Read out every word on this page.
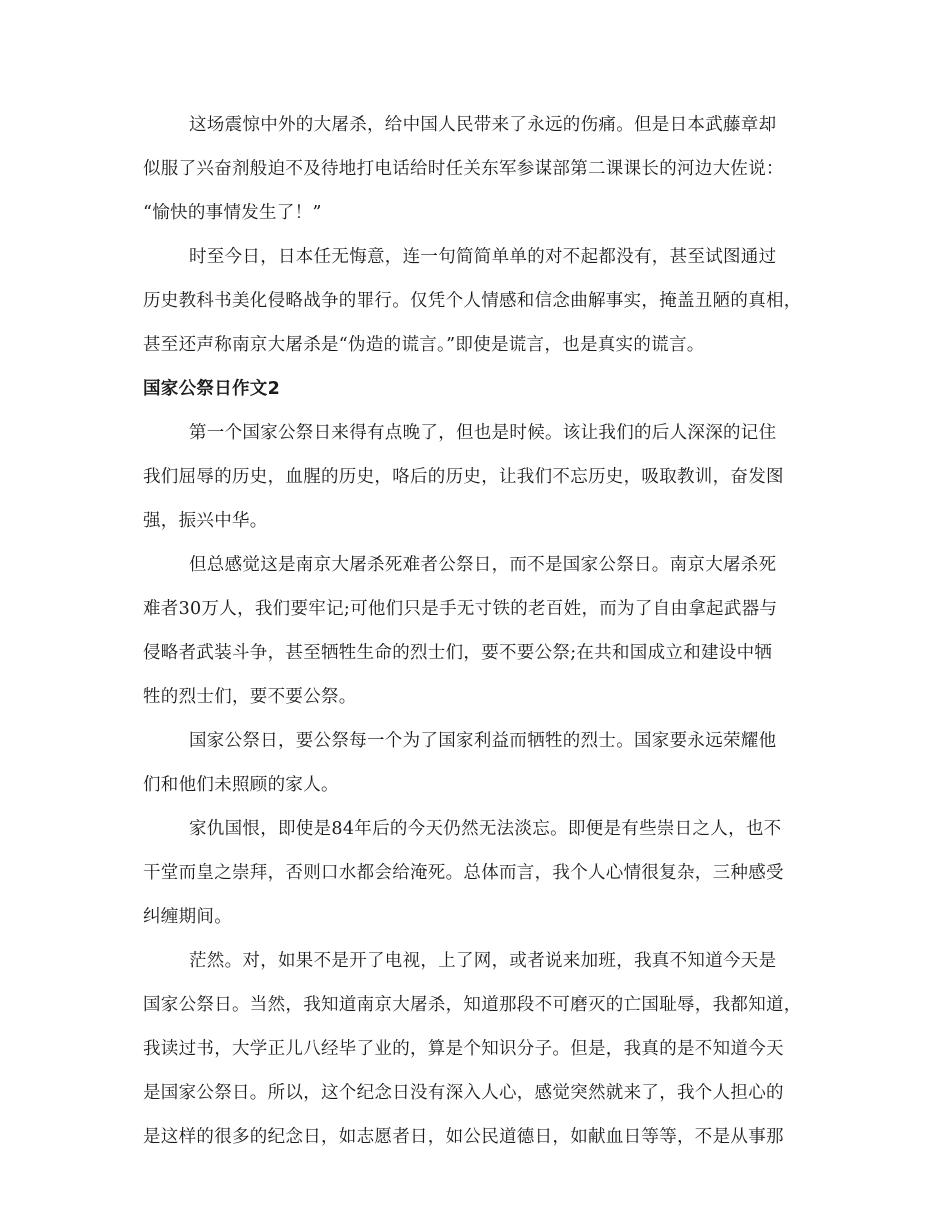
这场震惊中外的大屠杀，给中国人民带来了永远的伤痛。但是日本武藤章却
似服了兴奋剂般迫不及待地打电话给时任关东军参谋部第二课课长的河边大佐说：
“愉快的事情发生了！”
时至今日，日本任无悔意，连一句简简单单的对不起都没有，甚至试图通过
历史教科书美化侵略战争的罪行。仅凭个人情感和信念曲解事实，掩盖丑陋的真相，
甚至还声称南京大屠杀是“伪造的谎言。”即使是谎言，也是真实的谎言。
国家公祭日作文2
第一个国家公祭日来得有点晚了，但也是时候。该让我们的后人深深的记住
我们屈辱的历史，血腥的历史，咯后的历史，让我们不忘历史，吸取教训，奋发图
强，振兴中华。
但总感觉这是南京大屠杀死难者公祭日，而不是国家公祭日。南京大屠杀死
难者30万人，我们要牢记;可他们只是手无寸铁的老百姓，而为了自由拿起武器与
侵略者武装斗争，甚至牺牲生命的烈士们，要不要公祭;在共和国成立和建设中牺
牲的烈士们，要不要公祭。
国家公祭日，要公祭每一个为了国家利益而牺牲的烈士。国家要永远荣耀他
们和他们未照顾的家人。
家仇国恨，即使是84年后的今天仍然无法淡忘。即便是有些崇日之人，也不
干堂而皇之崇拜，否则口水都会给淹死。总体而言，我个人心情很复杂，三种感受
纠缠期间。
茫然。对，如果不是开了电视，上了网，或者说来加班，我真不知道今天是
国家公祭日。当然，我知道南京大屠杀，知道那段不可磨灭的亡国耻辱，我都知道，
我读过书，大学正儿八经毕了业的，算是个知识分子。但是，我真的是不知道今天
是国家公祭日。所以，这个纪念日没有深入人心，感觉突然就来了，我个人担心的
是这样的很多的纪念日，如志愿者日，如公民道德日，如献血日等等，不是从事那
